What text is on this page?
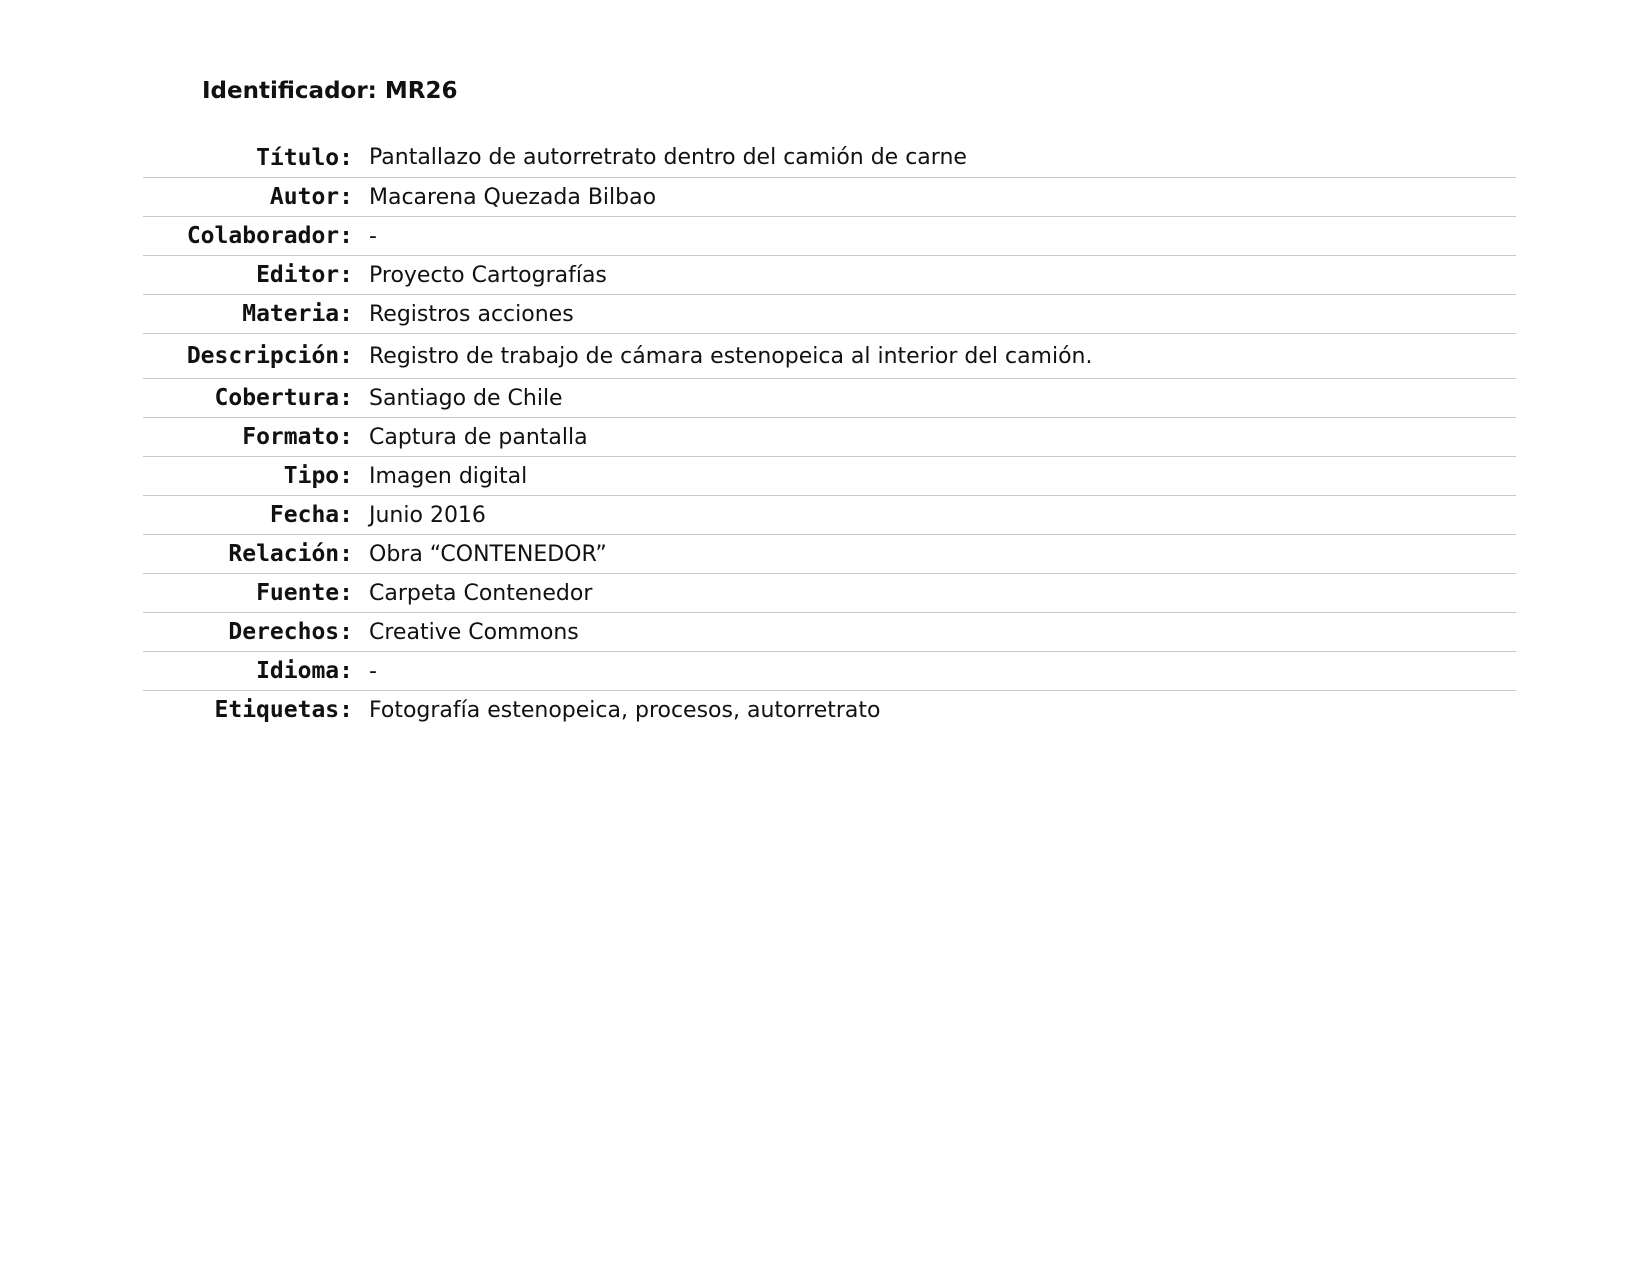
Identificador: MR26
Título: Pantallazo de autorretrato dentro del camión de carne
Autor: Macarena Quezada Bilbao
Colaborador: -
Editor: Proyecto Cartografías
Materia: Registros acciones
Descripción: Registro de trabajo de cámara estenopeica al interior del camión.
Cobertura: Santiago de Chile
Formato: Captura de pantalla
Tipo: Imagen digital
Fecha: Junio 2016
Relación: Obra “CONTENEDOR”
Fuente: Carpeta Contenedor
Derechos: Creative Commons
Idioma: -
Etiquetas: Fotografía estenopeica, procesos, autorretrato
